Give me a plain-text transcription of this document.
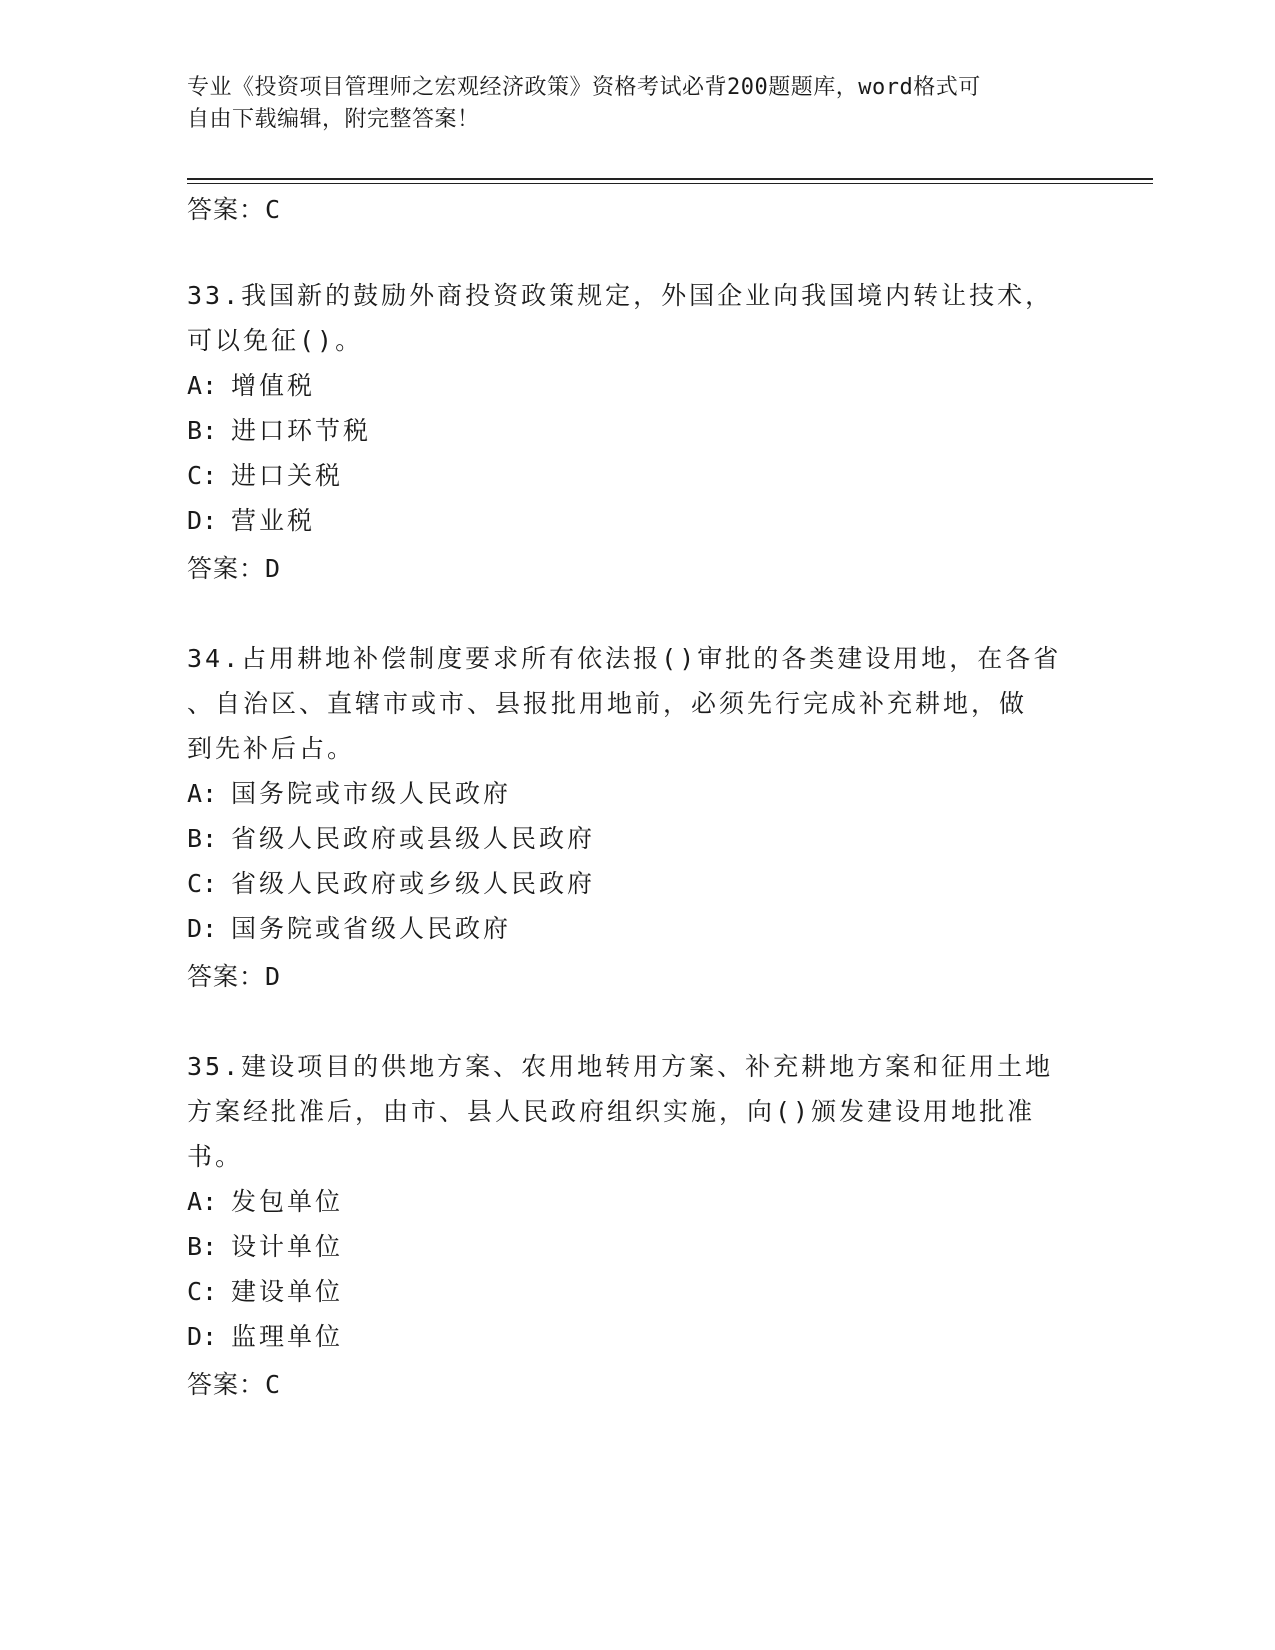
专业《投资项目管理师之宏观经济政策》资格考试必背200题题库，word格式可
自由下载编辑，附完整答案！
答案：C
33.我国新的鼓励外商投资政策规定，外国企业向我国境内转让技术，
可以免征()。
A: 增值税
B: 进口环节税
C: 进口关税
D: 营业税
答案：D
34.占用耕地补偿制度要求所有依法报()审批的各类建设用地，在各省
、自治区、直辖市或市、县报批用地前，必须先行完成补充耕地，做
到先补后占。
A: 国务院或市级人民政府
B: 省级人民政府或县级人民政府
C: 省级人民政府或乡级人民政府
D: 国务院或省级人民政府
答案：D
35.建设项目的供地方案、农用地转用方案、补充耕地方案和征用土地
方案经批准后，由市、县人民政府组织实施，向()颁发建设用地批准
书。
A: 发包单位
B: 设计单位
C: 建设单位
D: 监理单位
答案：C
